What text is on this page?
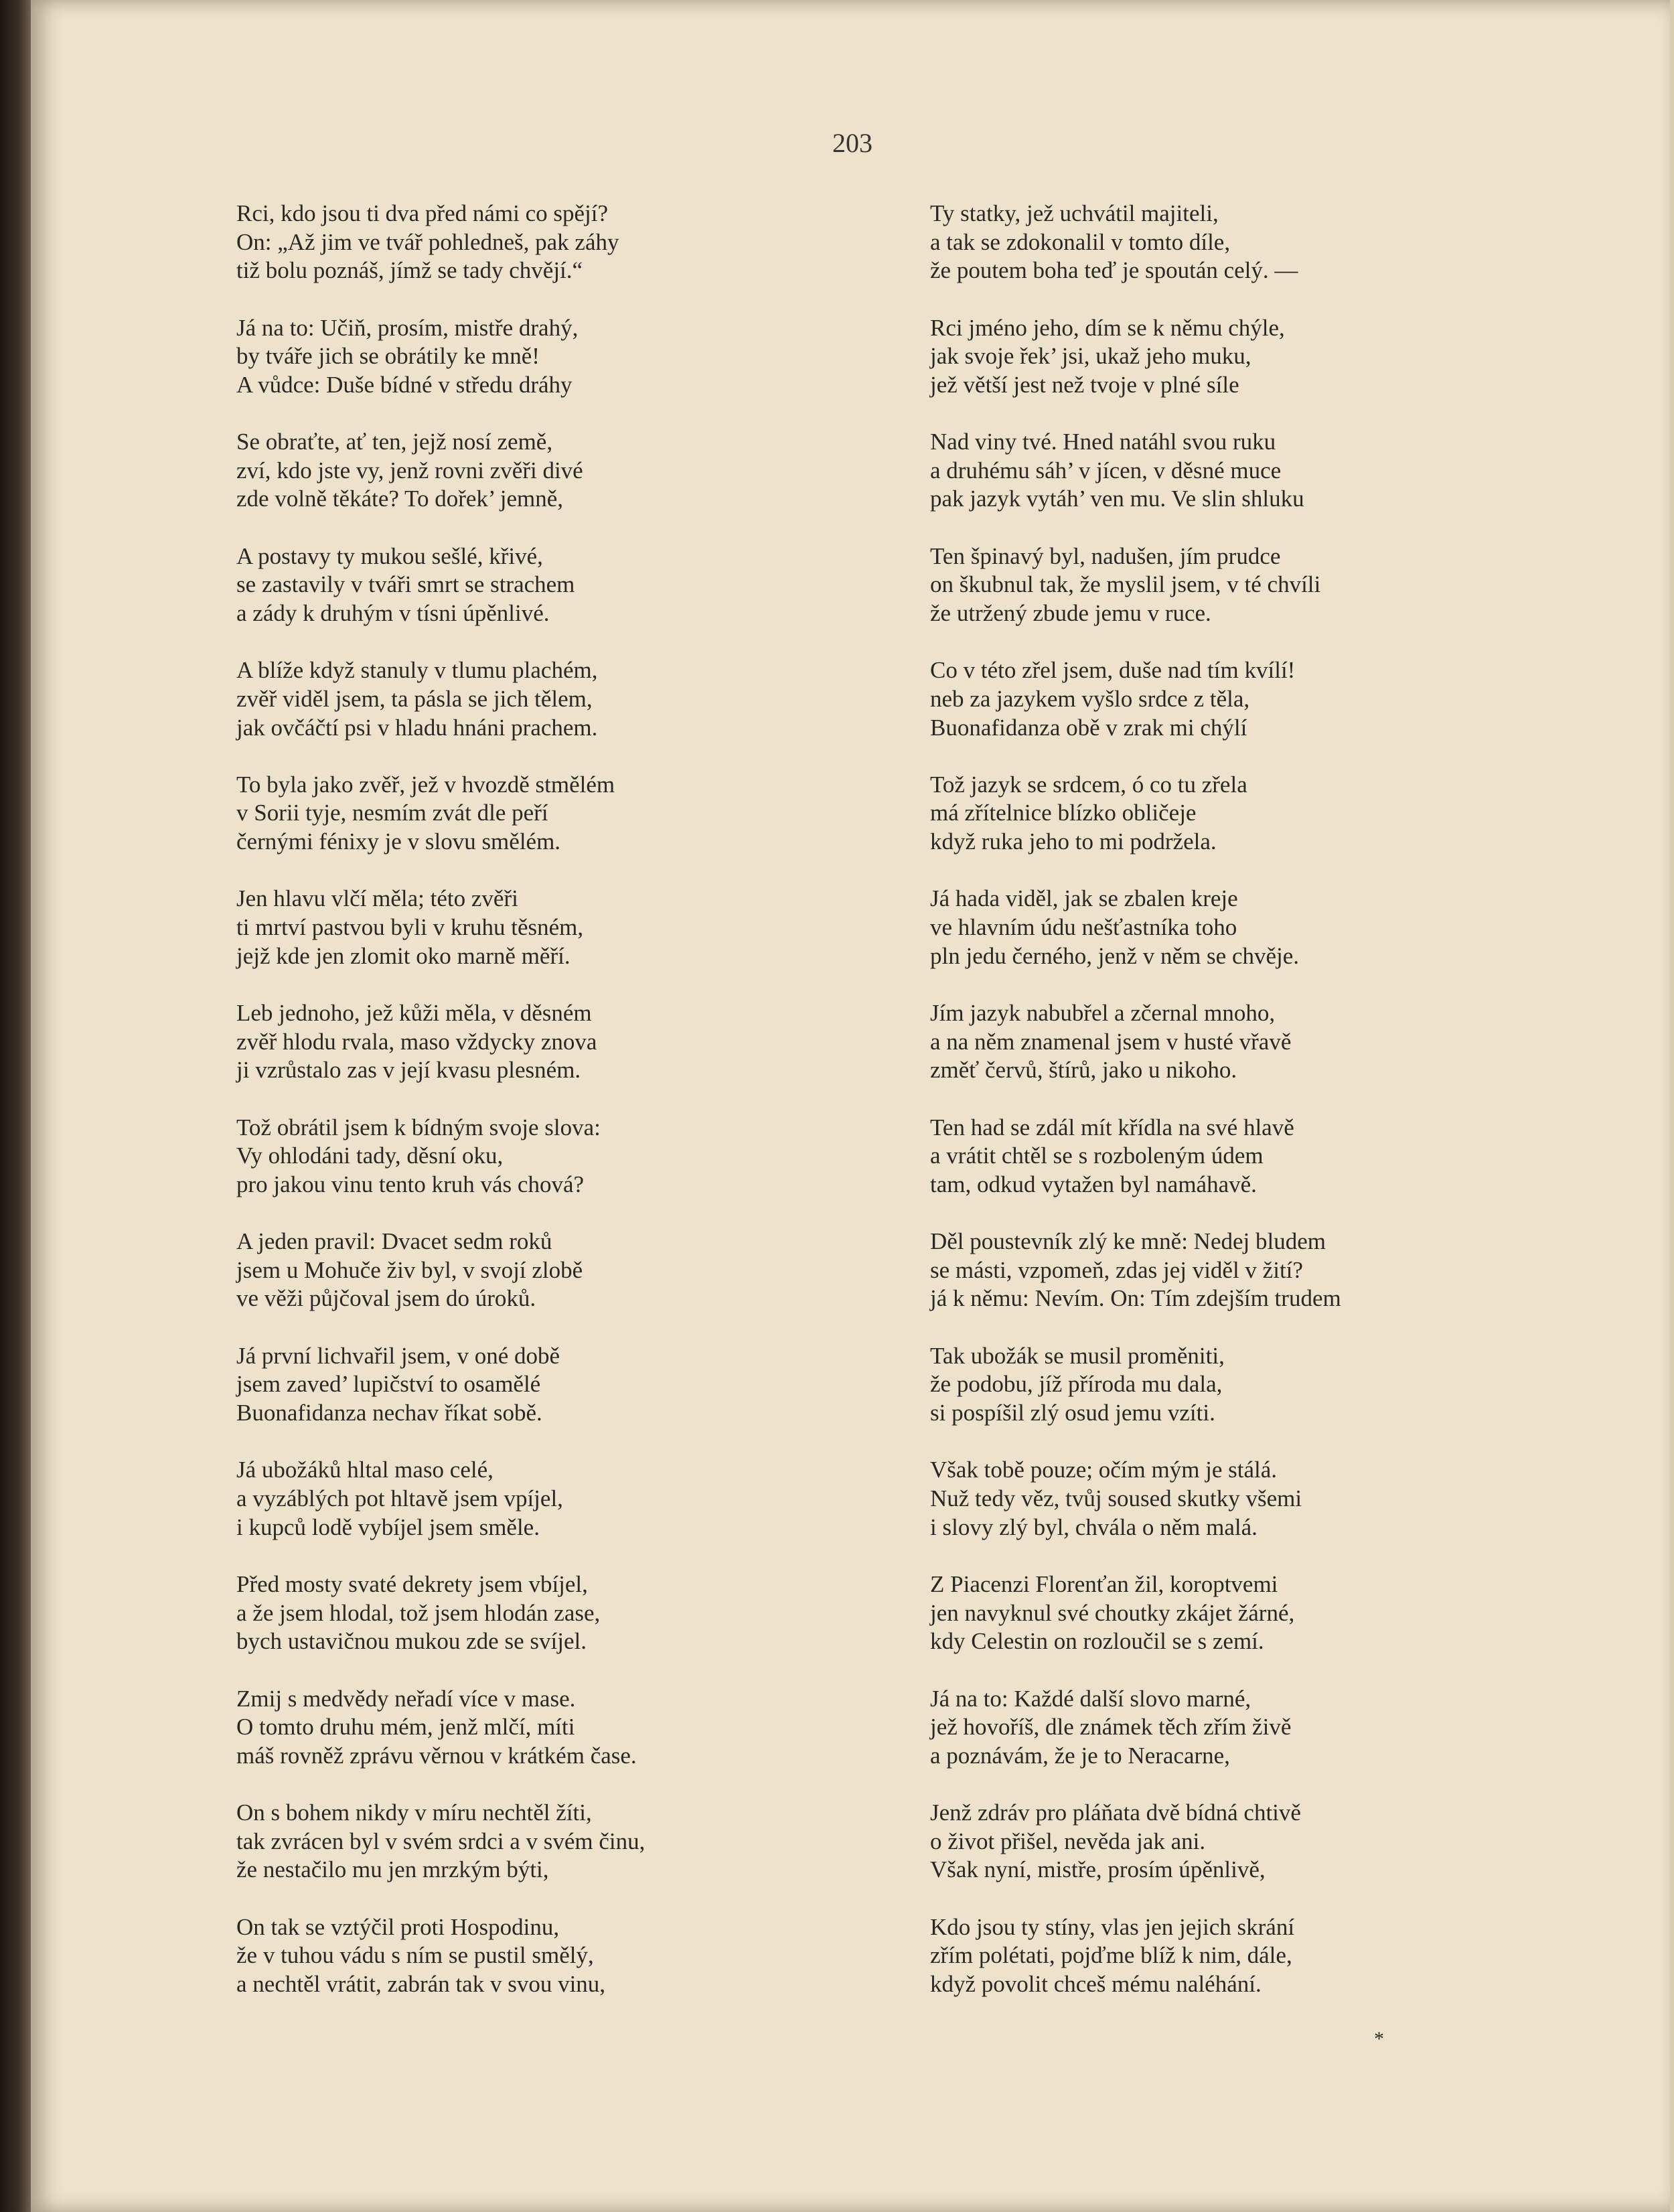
203
Rci, kdo jsou ti dva před námi co spějí?
On: „Až jim ve tvář pohledneš, pak záhy
tiž bolu poznáš, jímž se tady chvějí.“
Já na to: Učiň, prosím, mistře drahý,
by tváře jich se obrátily ke mně!
A vůdce: Duše bídné v středu dráhy
Se obraťte, ať ten, jejž nosí země,
zví, kdo jste vy, jenž rovni zvěři divé
zde volně těkáte? To dořek’ jemně,
A postavy ty mukou sešlé, křivé,
se zastavily v tváři smrt se strachem
a zády k druhým v tísni úpěnlivé.
A blíže když stanuly v tlumu plachém,
zvěř viděl jsem, ta pásla se jich tělem,
jak ovčáčtí psi v hladu hnáni prachem.
To byla jako zvěř, jež v hvozdě stmělém
v Sorii tyje, nesmím zvát dle peří
černými fénixy je v slovu smělém.
Jen hlavu vlčí měla; této zvěři
ti mrtví pastvou byli v kruhu těsném,
jejž kde jen zlomit oko marně měří.
Leb jednoho, jež kůži měla, v děsném
zvěř hlodu rvala, maso vždycky znova
ji vzrůstalo zas v její kvasu plesném.
Tož obrátil jsem k bídným svoje slova:
Vy ohlodáni tady, děsní oku,
pro jakou vinu tento kruh vás chová?
A jeden pravil: Dvacet sedm roků
jsem u Mohuče živ byl, v svojí zlobě
ve věži půjčoval jsem do úroků.
Já první lichvařil jsem, v oné době
jsem zaved’ lupičství to osamělé
Buonafidanza nechav říkat sobě.
Já ubožáků hltal maso celé,
a vyzáblých pot hltavě jsem vpíjel,
i kupců lodě vybíjel jsem směle.
Před mosty svaté dekrety jsem vbíjel,
a že jsem hlodal, tož jsem hlodán zase,
bych ustavičnou mukou zde se svíjel.
Zmij s medvědy neřadí více v mase.
O tomto druhu mém, jenž mlčí, míti
máš rovněž zprávu věrnou v krátkém čase.
On s bohem nikdy v míru nechtěl žíti,
tak zvrácen byl v svém srdci a v svém činu,
že nestačilo mu jen mrzkým býti,
On tak se vztýčil proti Hospodinu,
že v tuhou vádu s ním se pustil smělý,
a nechtěl vrátit, zabrán tak v svou vinu,
Ty statky, jež uchvátil majiteli,
a tak se zdokonalil v tomto díle,
že poutem boha teď je spoután celý. —
Rci jméno jeho, dím se k němu chýle,
jak svoje řek’ jsi, ukaž jeho muku,
jež větší jest než tvoje v plné síle
Nad viny tvé. Hned natáhl svou ruku
a druhému sáh’ v jícen, v děsné muce
pak jazyk vytáh’ ven mu. Ve slin shluku
Ten špinavý byl, nadušen, jím prudce
on škubnul tak, že myslil jsem, v té chvíli
že utržený zbude jemu v ruce.
Co v této zřel jsem, duše nad tím kvílí!
neb za jazykem vyšlo srdce z těla,
Buonafidanza obě v zrak mi chýlí
Tož jazyk se srdcem, ó co tu zřela
má zřítelnice blízko obličeje
když ruka jeho to mi podržela.
Já hada viděl, jak se zbalen kreje
ve hlavním údu nešťastníka toho
pln jedu černého, jenž v něm se chvěje.
Jím jazyk nabubřel a zčernal mnoho,
a na něm znamenal jsem v husté vřavě
změť červů, štírů, jako u nikoho.
Ten had se zdál mít křídla na své hlavě
a vrátit chtěl se s rozboleným údem
tam, odkud vytažen byl namáhavě.
Děl poustevník zlý ke mně: Nedej bludem
se másti, vzpomeň, zdas jej viděl v žití?
já k němu: Nevím. On: Tím zdejším trudem
Tak ubožák se musil proměniti,
že podobu, jíž příroda mu dala,
si pospíšil zlý osud jemu vzíti.
Však tobě pouze; očím mým je stálá.
Nuž tedy věz, tvůj soused skutky všemi
i slovy zlý byl, chvála o něm malá.
Z Piacenzi Florenťan žil, koroptvemi
jen navyknul své choutky zkájet žárné,
kdy Celestin on rozloučil se s zemí.
Já na to: Každé další slovo marné,
jež hovoříš, dle známek těch zřím živě
a poznávám, že je to Neracarne,
Jenž zdráv pro pláňata dvě bídná chtivě
o život přišel, nevěda jak ani.
Však nyní, mistře, prosím úpěnlivě,
Kdo jsou ty stíny, vlas jen jejich skrání
zřím polétati, pojďme blíž k nim, dále,
když povolit chceš mému naléhání.
*
